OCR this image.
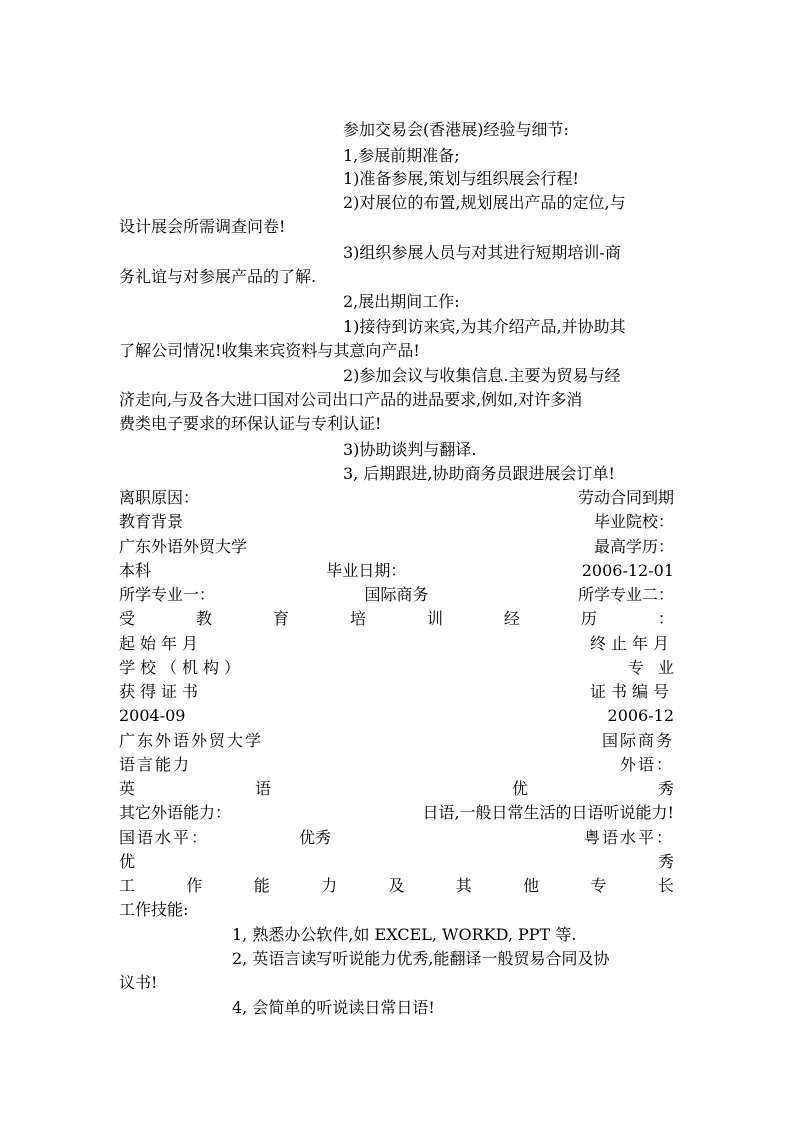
参加交易会(香港展)经验与细节:
1,参展前期准备;
1)准备参展,策划与组织展会行程!
2)对展位的布置,规划展出产品的定位,与
设计展会所需调查问卷!
3)组织参展人员与对其进行短期培训-商
务礼谊与对参展产品的了解.
2,展出期间工作:
1)接待到访来宾,为其介绍产品,并协助其
了解公司情况!收集来宾资料与其意向产品!
2)参加会议与收集信息.主要为贸易与经
济走向,与及各大进口国对公司出口产品的进品要求,例如,对许多消
费类电子要求的环保认证与专利认证!
3)协助谈判与翻译.
3, 后期跟进,协助商务员跟进展会订单!
离职原因：	劳动合同到期
教育背景	毕业院校：
广东外语外贸大学	最高学历：
本科	毕业日期：	2006-12-01
所学专业一：	国际商务	所学专业二：
受	教	育	培	训	经	历	：
起始年月	终止年月
学校（机构）	专业
获得证书	证书编号
2004-09	2006-12
广东外语外贸大学	国际商务
语言能力	外语：
英	语	优	秀
其它外语能力：	日语,一般日常生活的日语听说能力!
国语水平：	优秀	粤语水平：
优	秀
工	作	能	力	及	其	他	专	长
工作技能:
1, 熟悉办公软件,如 EXCEL, WORKD, PPT 等.
2, 英语言读写听说能力优秀,能翻译一般贸易合同及协
议书!
4, 会简单的听说读日常日语!
